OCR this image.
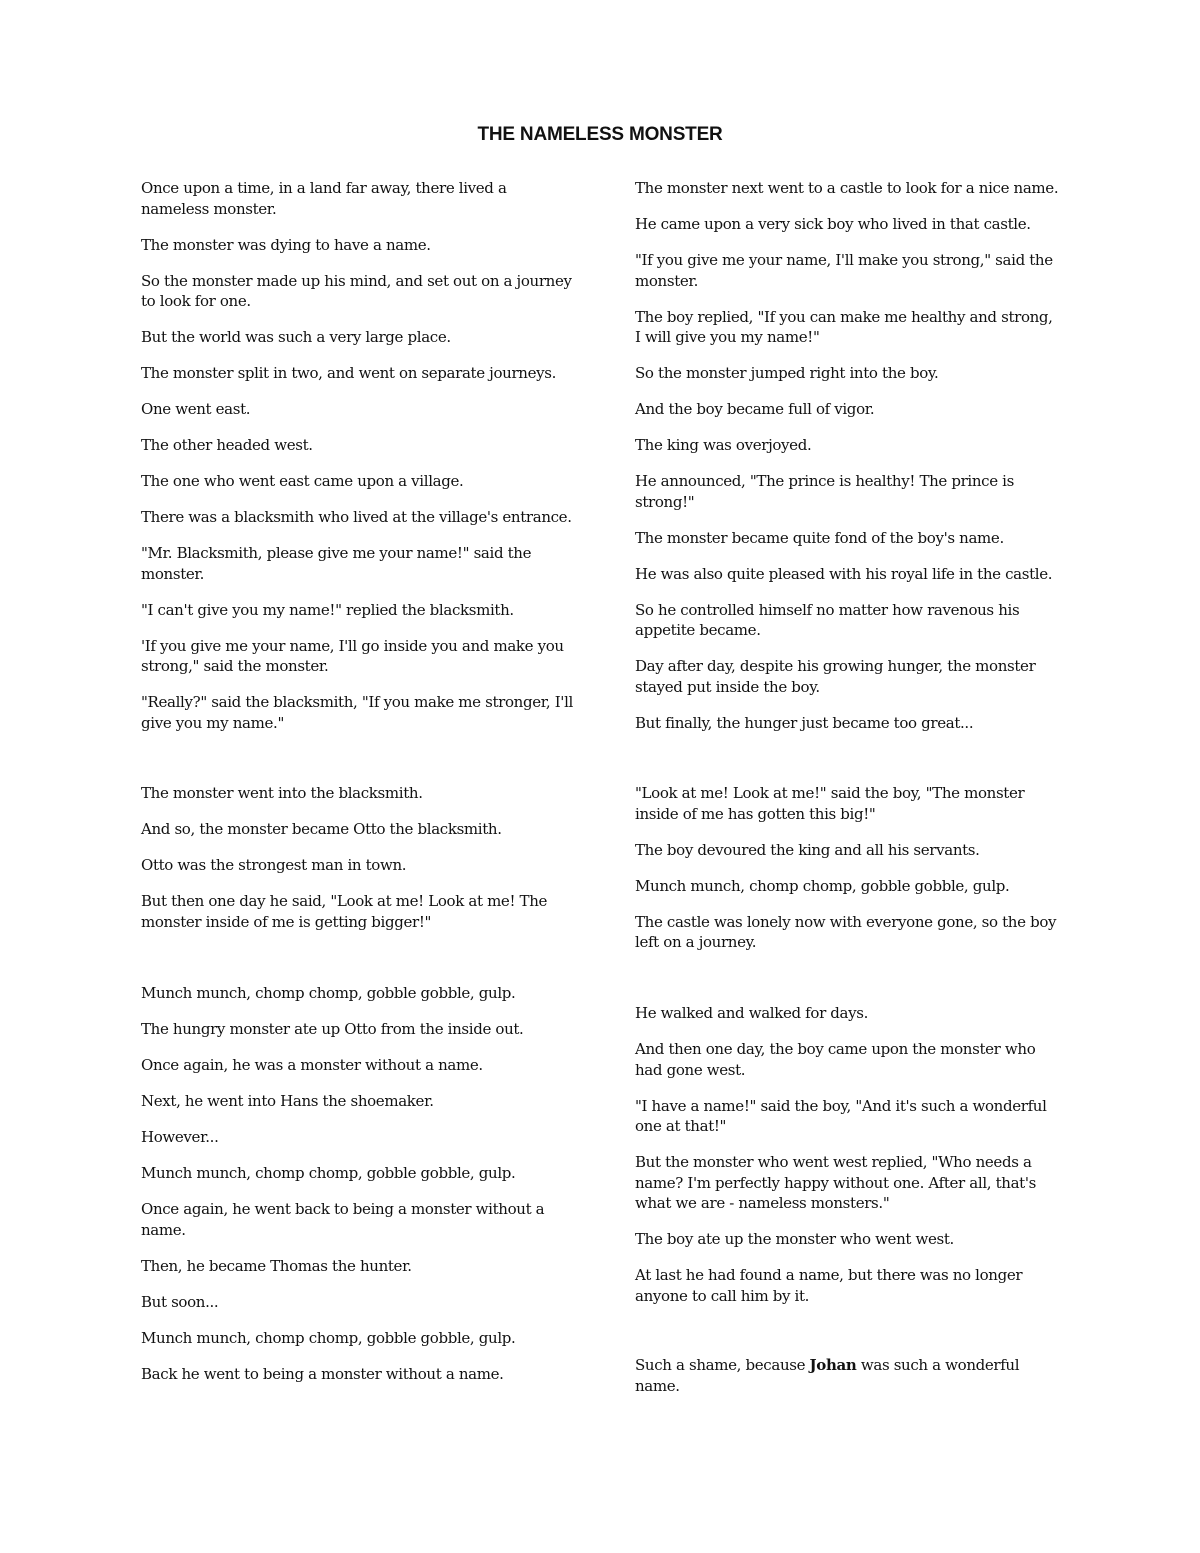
THE NAMELESS MONSTER

Once upon a time, in a land far away, there lived a nameless monster.

The monster was dying to have a name.

So the monster made up his mind, and set out on a journey to look for one.

But the world was such a very large place.

The monster split in two, and went on separate journeys.

One went east.

The other headed west.

The one who went east came upon a village.

There was a blacksmith who lived at the village's entrance.

"Mr. Blacksmith, please give me your name!" said the monster.

"I can't give you my name!" replied the blacksmith.

'If you give me your name, I'll go inside you and make you strong," said the monster.

"Really?" said the blacksmith, "If you make me stronger, I'll give you my name."

The monster went into the blacksmith.

And so, the monster became Otto the blacksmith.

Otto was the strongest man in town.

But then one day he said, "Look at me! Look at me! The monster inside of me is getting bigger!"

Munch munch, chomp chomp, gobble gobble, gulp.

The hungry monster ate up Otto from the inside out.

Once again, he was a monster without a name.

Next, he went into Hans the shoemaker.

However...

Munch munch, chomp chomp, gobble gobble, gulp.

Once again, he went back to being a monster without a name.

Then, he became Thomas the hunter.

But soon...

Munch munch, chomp chomp, gobble gobble, gulp.

Back he went to being a monster without a name.

The monster next went to a castle to look for a nice name.

He came upon a very sick boy who lived in that castle.

"If you give me your name, I'll make you strong," said the monster.

The boy replied, "If you can make me healthy and strong, I will give you my name!"

So the monster jumped right into the boy.

And the boy became full of vigor.

The king was overjoyed.

He announced, "The prince is healthy! The prince is strong!"

The monster became quite fond of the boy's name.

He was also quite pleased with his royal life in the castle.

So he controlled himself no matter how ravenous his appetite became.

Day after day, despite his growing hunger, the monster stayed put inside the boy.

But finally, the hunger just became too great...

"Look at me! Look at me!" said the boy, "The monster inside of me has gotten this big!"

The boy devoured the king and all his servants.

Munch munch, chomp chomp, gobble gobble, gulp.

The castle was lonely now with everyone gone, so the boy left on a journey.

He walked and walked for days.

And then one day, the boy came upon the monster who had gone west.

"I have a name!" said the boy, "And it's such a wonderful one at that!"

But the monster who went west replied, "Who needs a name? I'm perfectly happy without one. After all, that's what we are - nameless monsters."

The boy ate up the monster who went west.

At last he had found a name, but there was no longer anyone to call him by it.

Such a shame, because Johan was such a wonderful name.
